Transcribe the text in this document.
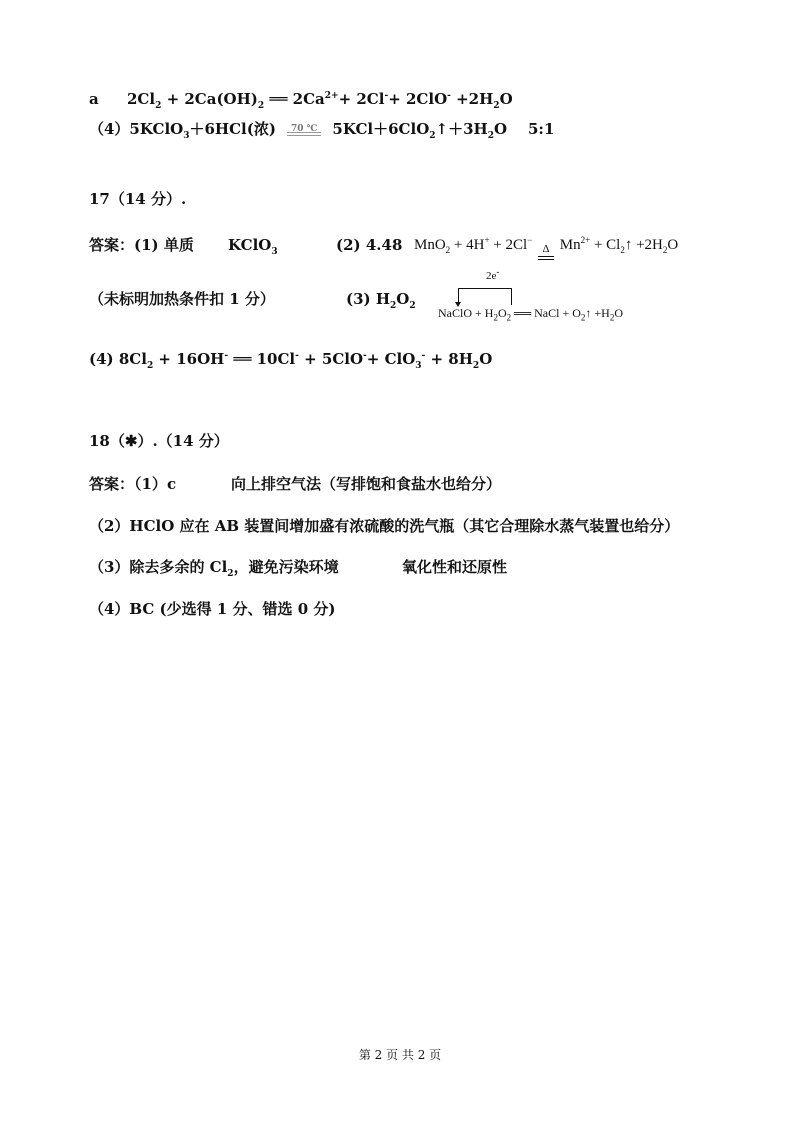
a $2Cl_2 + 2Ca(OH)_2$ ══ $2Ca^{2+}+ 2Cl^-+ 2ClO^- +2H_2O$
（4）5KClO$_3$＋6HCl(浓) $^{70 ℃}$ $5KCl+6ClO_2↑+3H_2O$ 5:1
17（14 分）.
答案：(1) 单质 KClO$_3$	(2) 4.48 MnO$_2$ + 4H+ + 2Cl−
Δ $Mn^{2+}$ + $Cl_2↑ +2H_2O$
（未标明加热条件扣 1 分）	(3) $H_2O_2$
2e-
NaClO + $H_2O_2$ ══ NaCl + $O_2↑ +H_2O$
(4) $8Cl_2 + 16OH^-$ ══ $10Cl^- + 5ClO^-+ ClO_3^- + 8H_2O$
18（✱）.（14 分）
答案：（1）c	向上排空气法（写排饱和食盐水也给分）
（2）HClO 应在 AB 装置间增加盛有浓硫酸的洗气瓶（其它合理除水蒸气装置也给分）
（3）除去多余的 $Cl_2$，避免污染环境	氧化性和还原性
（4）BC (少选得 1 分、错选 0 分)
第 2 页 共 2 页
